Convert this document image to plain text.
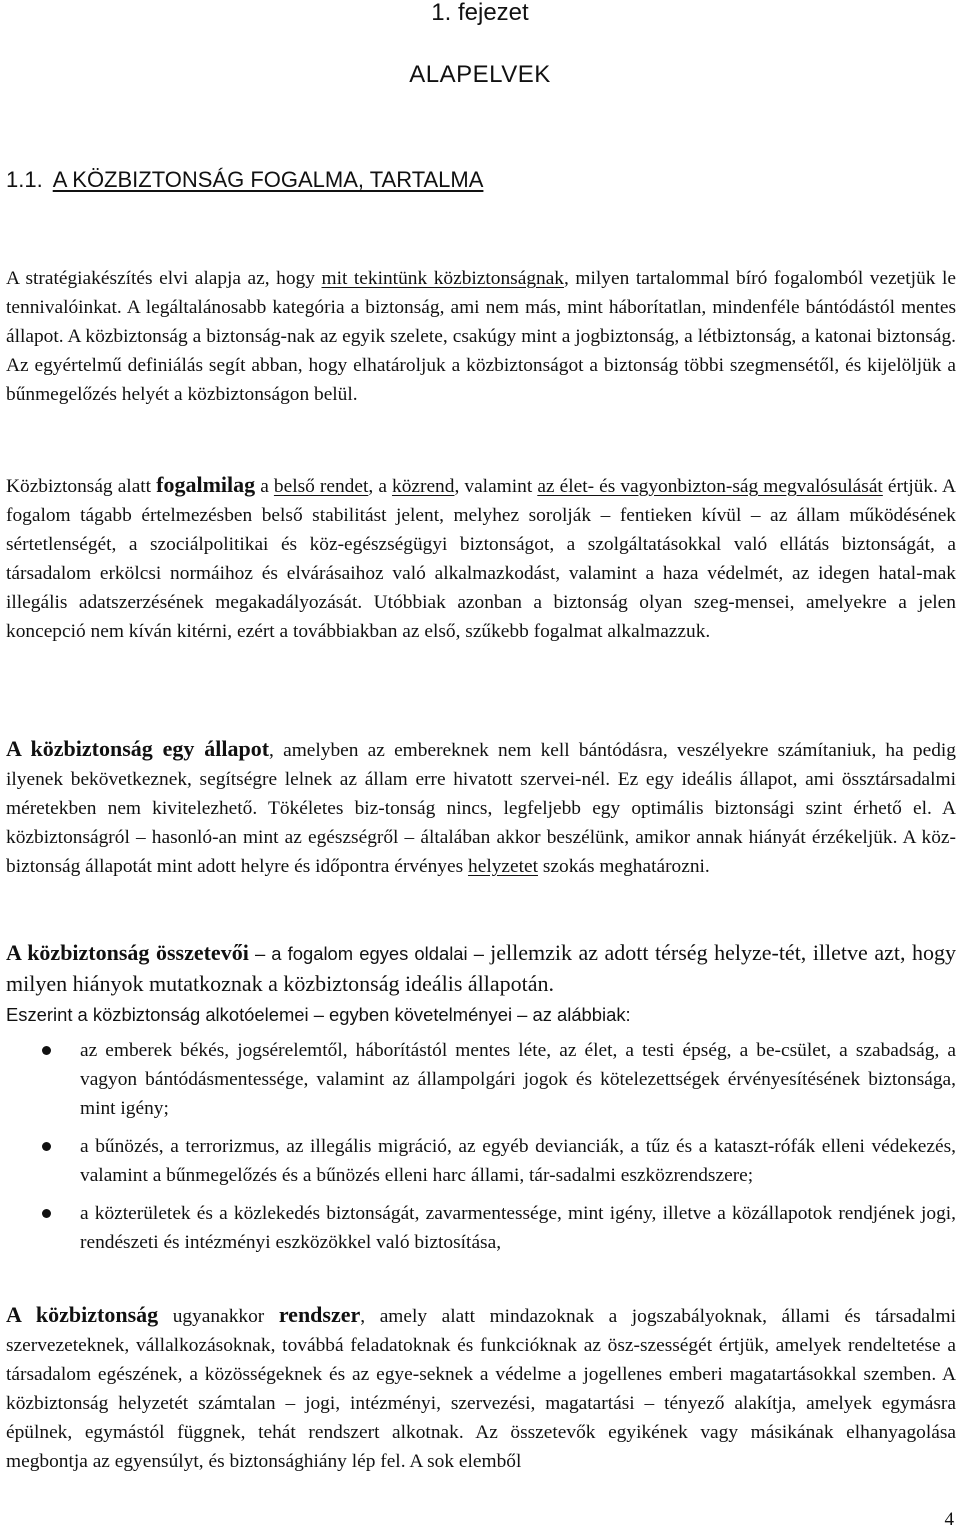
1. fejezet
ALAPELVEK
1.1. A KÖZBIZTONSÁG FOGALMA, TARTALMA

A stratégiakészítés elvi alapja az, hogy mit tekintünk közbiztonságnak, milyen tartalommal bíró fogalomból vezetjük le tennivalóinkat. A legáltalánosabb kategória a biztonság, ami nem más, mint háborítatlan, mindenféle bántódástól mentes állapot. A közbiztonság a biztonság-nak az egyik szelete, csakúgy mint a jogbiztonság, a létbiztonság, a katonai biztonság. Az egyértelmű definiálás segít abban, hogy elhatároljuk a közbiztonságot a biztonság többi szegmensétől, és kijelöljük a bűnmegelőzés helyét a közbiztonságon belül.

Közbiztonság alatt fogalmilag a belső rendet, a közrend, valamint az élet- és vagyonbizton-ság megvalósulását értjük. A fogalom tágabb értelmezésben belső stabilitást jelent, melyhez sorolják – fentieken kívül – az állam működésének sértetlenségét, a szociálpolitikai és köz-egészségügyi biztonságot, a szolgáltatásokkal való ellátás biztonságát, a társadalom erkölcsi normáihoz és elvárásaihoz való alkalmazkodást, valamint a haza védelmét, az idegen hatal-mak illegális adatszerzésének megakadályozását. Utóbbiak azonban a biztonság olyan szeg-mensei, amelyekre a jelen koncepció nem kíván kitérni, ezért a továbbiakban az első, szűkebb fogalmat alkalmazzuk.

A közbiztonság egy állapot, amelyben az embereknek nem kell bántódásra, veszélyekre számítaniuk, ha pedig ilyenek bekövetkeznek, segítségre lelnek az állam erre hivatott szervei-nél. Ez egy ideális állapot, ami össztársadalmi méretekben nem kivitelezhető. Tökéletes biz-tonság nincs, legfeljebb egy optimális biztonsági szint érhető el. A közbiztonságról – hasonló-an mint az egészségről – általában akkor beszélünk, amikor annak hiányát érzékeljük. A köz-biztonság állapotát mint adott helyre és időpontra érvényes helyzetet szokás meghatározni.

A közbiztonság összetevői – a fogalom egyes oldalai – jellemzik az adott térség helyze-tét, illetve azt, hogy milyen hiányok mutatkoznak a közbiztonság ideális állapotán.
Eszerint a közbiztonság alkotóelemei – egyben követelményei – az alábbiak:

az emberek békés, jogsérelemtől, háborítástól mentes léte, az élet, a testi épség, a be-csület, a szabadság, a vagyon bántódásmentessége, valamint az állampolgári jogok és kötelezettségek érvényesítésének biztonsága, mint igény;
a bűnözés, a terrorizmus, az illegális migráció, az egyéb devianciák, a tűz és a kataszt-rófák elleni védekezés, valamint a bűnmegelőzés és a bűnözés elleni harc állami, tár-sadalmi eszközrendszere;
a közterületek és a közlekedés biztonságát, zavarmentessége, mint igény, illetve a közállapotok rendjének jogi, rendészeti és intézményi eszközökkel való biztosítása,

A közbiztonság ugyanakkor rendszer, amely alatt mindazoknak a jogszabályoknak, állami és társadalmi szervezeteknek, vállalkozásoknak, továbbá feladatoknak és funkcióknak az ösz-szességét értjük, amelyek rendeltetése a társadalom egészének, a közösségeknek és az egye-seknek a védelme a jogellenes emberi magatartásokkal szemben. A közbiztonság helyzetét számtalan – jogi, intézményi, szervezési, magatartási – tényező alakítja, amelyek egymásra épülnek, egymástól függnek, tehát rendszert alkotnak. Az összetevők egyikének vagy másikának elhanyagolása megbontja az egyensúlyt, és biztonsághiány lép fel. A sok elemből

4
